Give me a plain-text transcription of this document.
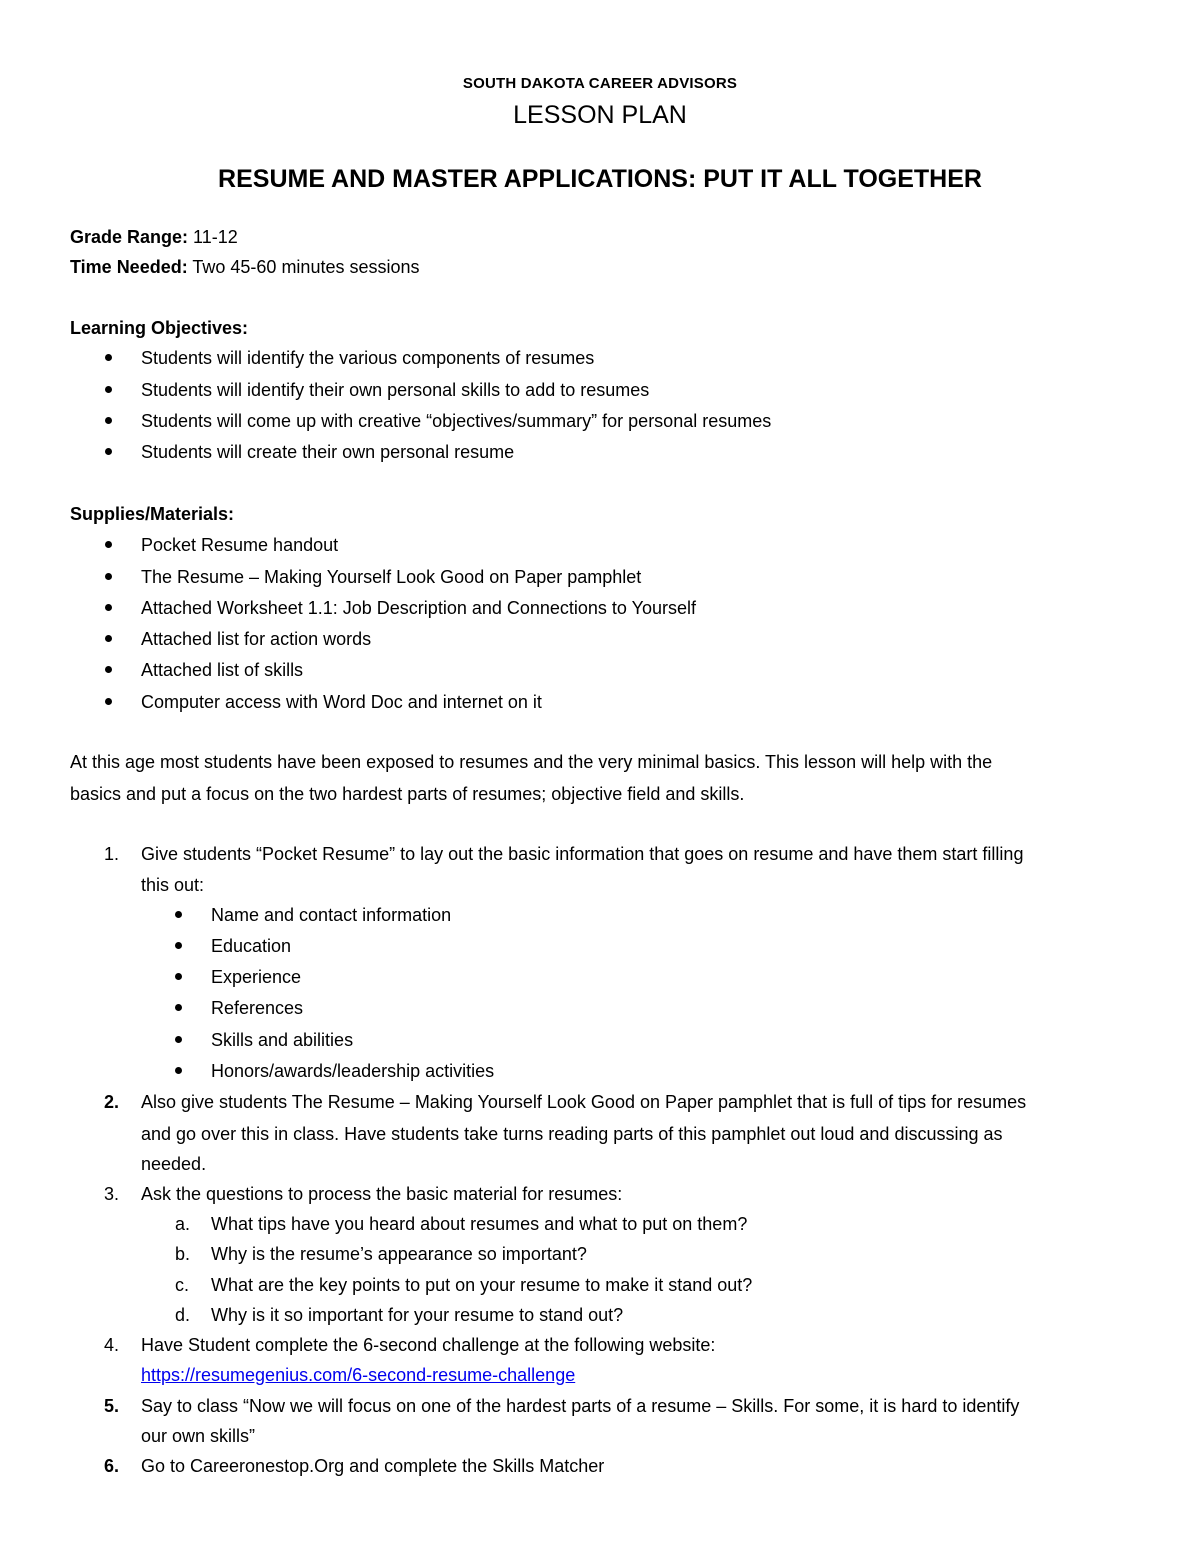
SOUTH DAKOTA CAREER ADVISORS
LESSON PLAN
RESUME AND MASTER APPLICATIONS: PUT IT ALL TOGETHER
Grade Range: 11-12
Time Needed: Two 45-60 minutes sessions
Learning Objectives:
Students will identify the various components of resumes
Students will identify their own personal skills to add to resumes
Students will come up with creative “objectives/summary” for personal resumes
Students will create their own personal resume
Supplies/Materials:
Pocket Resume handout
The Resume – Making Yourself Look Good on Paper pamphlet
Attached Worksheet 1.1: Job Description and Connections to Yourself
Attached list for action words
Attached list of skills
Computer access with Word Doc and internet on it
At this age most students have been exposed to resumes and the very minimal basics. This lesson will help with the
basics and put a focus on the two hardest parts of resumes; objective field and skills.
1. Give students “Pocket Resume” to lay out the basic information that goes on resume and have them start filling
this out:
Name and contact information
Education
Experience
References
Skills and abilities
Honors/awards/leadership activities
2. Also give students The Resume – Making Yourself Look Good on Paper pamphlet that is full of tips for resumes
and go over this in class. Have students take turns reading parts of this pamphlet out loud and discussing as
needed.
3. Ask the questions to process the basic material for resumes:
a. What tips have you heard about resumes and what to put on them?
b. Why is the resume’s appearance so important?
c. What are the key points to put on your resume to make it stand out?
d. Why is it so important for your resume to stand out?
4. Have Student complete the 6-second challenge at the following website:
https://resumegenius.com/6-second-resume-challenge
5. Say to class “Now we will focus on one of the hardest parts of a resume – Skills. For some, it is hard to identify
our own skills”
6. Go to Careeronestop.Org and complete the Skills Matcher
